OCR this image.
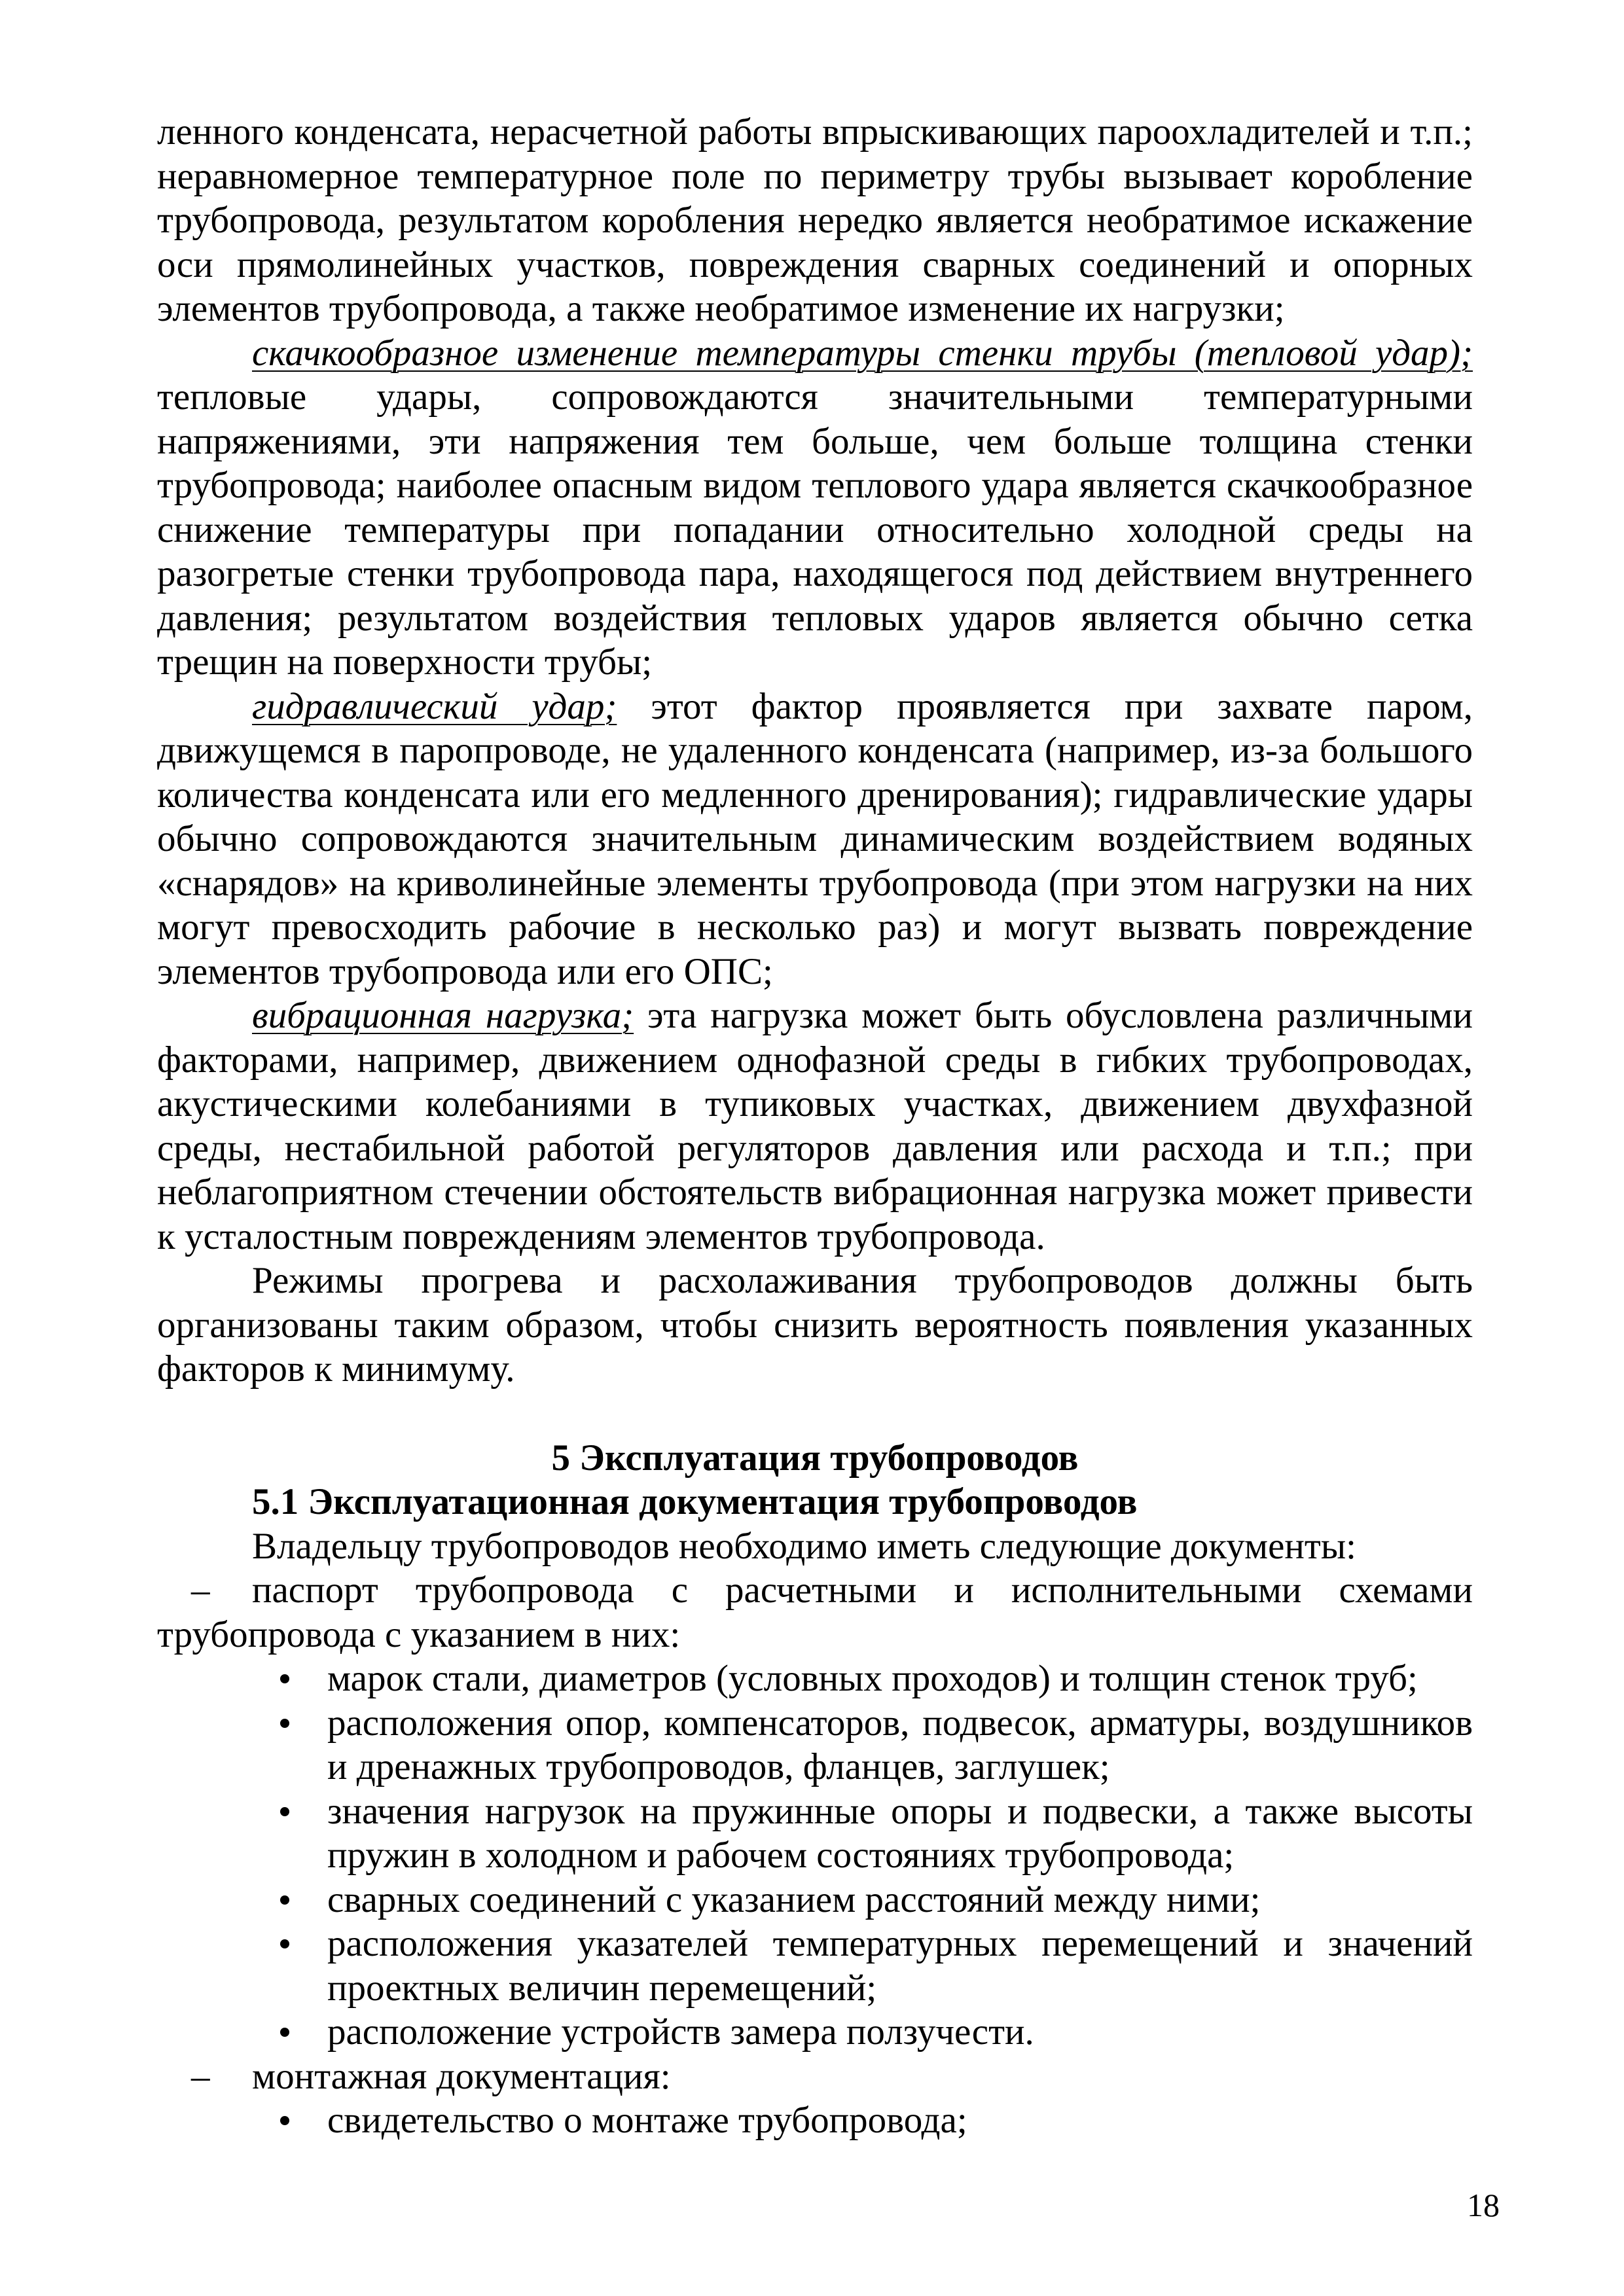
ленного конденсата, нерасчетной работы впрыскивающих пароохладителей и т.п.; неравномерное температурное поле по периметру трубы вызывает коробление трубопровода, результатом коробления нередко является необратимое искажение оси прямолинейных участков, повреждения сварных соединений и опорных элементов трубопровода, а также необратимое изменение их нагрузки;

скачкообразное изменение температуры стенки трубы (тепловой удар); тепловые удары, сопровождаются значительными температурными напряжениями, эти напряжения тем больше, чем больше толщина стенки трубопровода; наиболее опасным видом теплового удара является скачкообразное снижение температуры при попадании относительно холодной среды на разогретые стенки трубопровода пара, находящегося под действием внутреннего давления; результатом воздействия тепловых ударов является обычно сетка трещин на поверхности трубы;

гидравлический удар; этот фактор проявляется при захвате паром, движущемся в паропроводе, не удаленного конденсата (например, из-за большого количества конденсата или его медленного дренирования); гидравлические удары обычно сопровождаются значительным динамическим воздействием водяных «снарядов» на криволинейные элементы трубопровода (при этом нагрузки на них могут превосходить рабочие в несколько раз) и могут вызвать повреждение элементов трубопровода или его ОПС;

вибрационная нагрузка; эта нагрузка может быть обусловлена различными факторами, например, движением однофазной среды в гибких трубопроводах, акустическими колебаниями в тупиковых участках, движением двухфазной среды, нестабильной работой регуляторов давления или расхода и т.п.; при неблагоприятном стечении обстоятельств вибрационная нагрузка может привести к усталостным повреждениям элементов трубопровода.

Режимы прогрева и расхолаживания трубопроводов должны быть организованы таким образом, чтобы снизить вероятность появления указанных факторов к минимуму.

5 Эксплуатация трубопроводов
5.1 Эксплуатационная документация трубопроводов

Владельцу трубопроводов необходимо иметь следующие документы:

– паспорт трубопровода с расчетными и исполнительными схемами трубопровода с указанием в них:

марок стали, диаметров (условных проходов) и толщин стенок труб;
расположения опор, компенсаторов, подвесок, арматуры, воздушников и дренажных трубопроводов, фланцев, заглушек;
значения нагрузок на пружинные опоры и подвески, а также высоты пружин в холодном и рабочем состояниях трубопровода;
сварных соединений с указанием расстояний между ними;
расположения указателей температурных перемещений и значений проектных величин перемещений;
расположение устройств замера ползучести.

– монтажная документация:

свидетельство о монтаже трубопровода;
18
